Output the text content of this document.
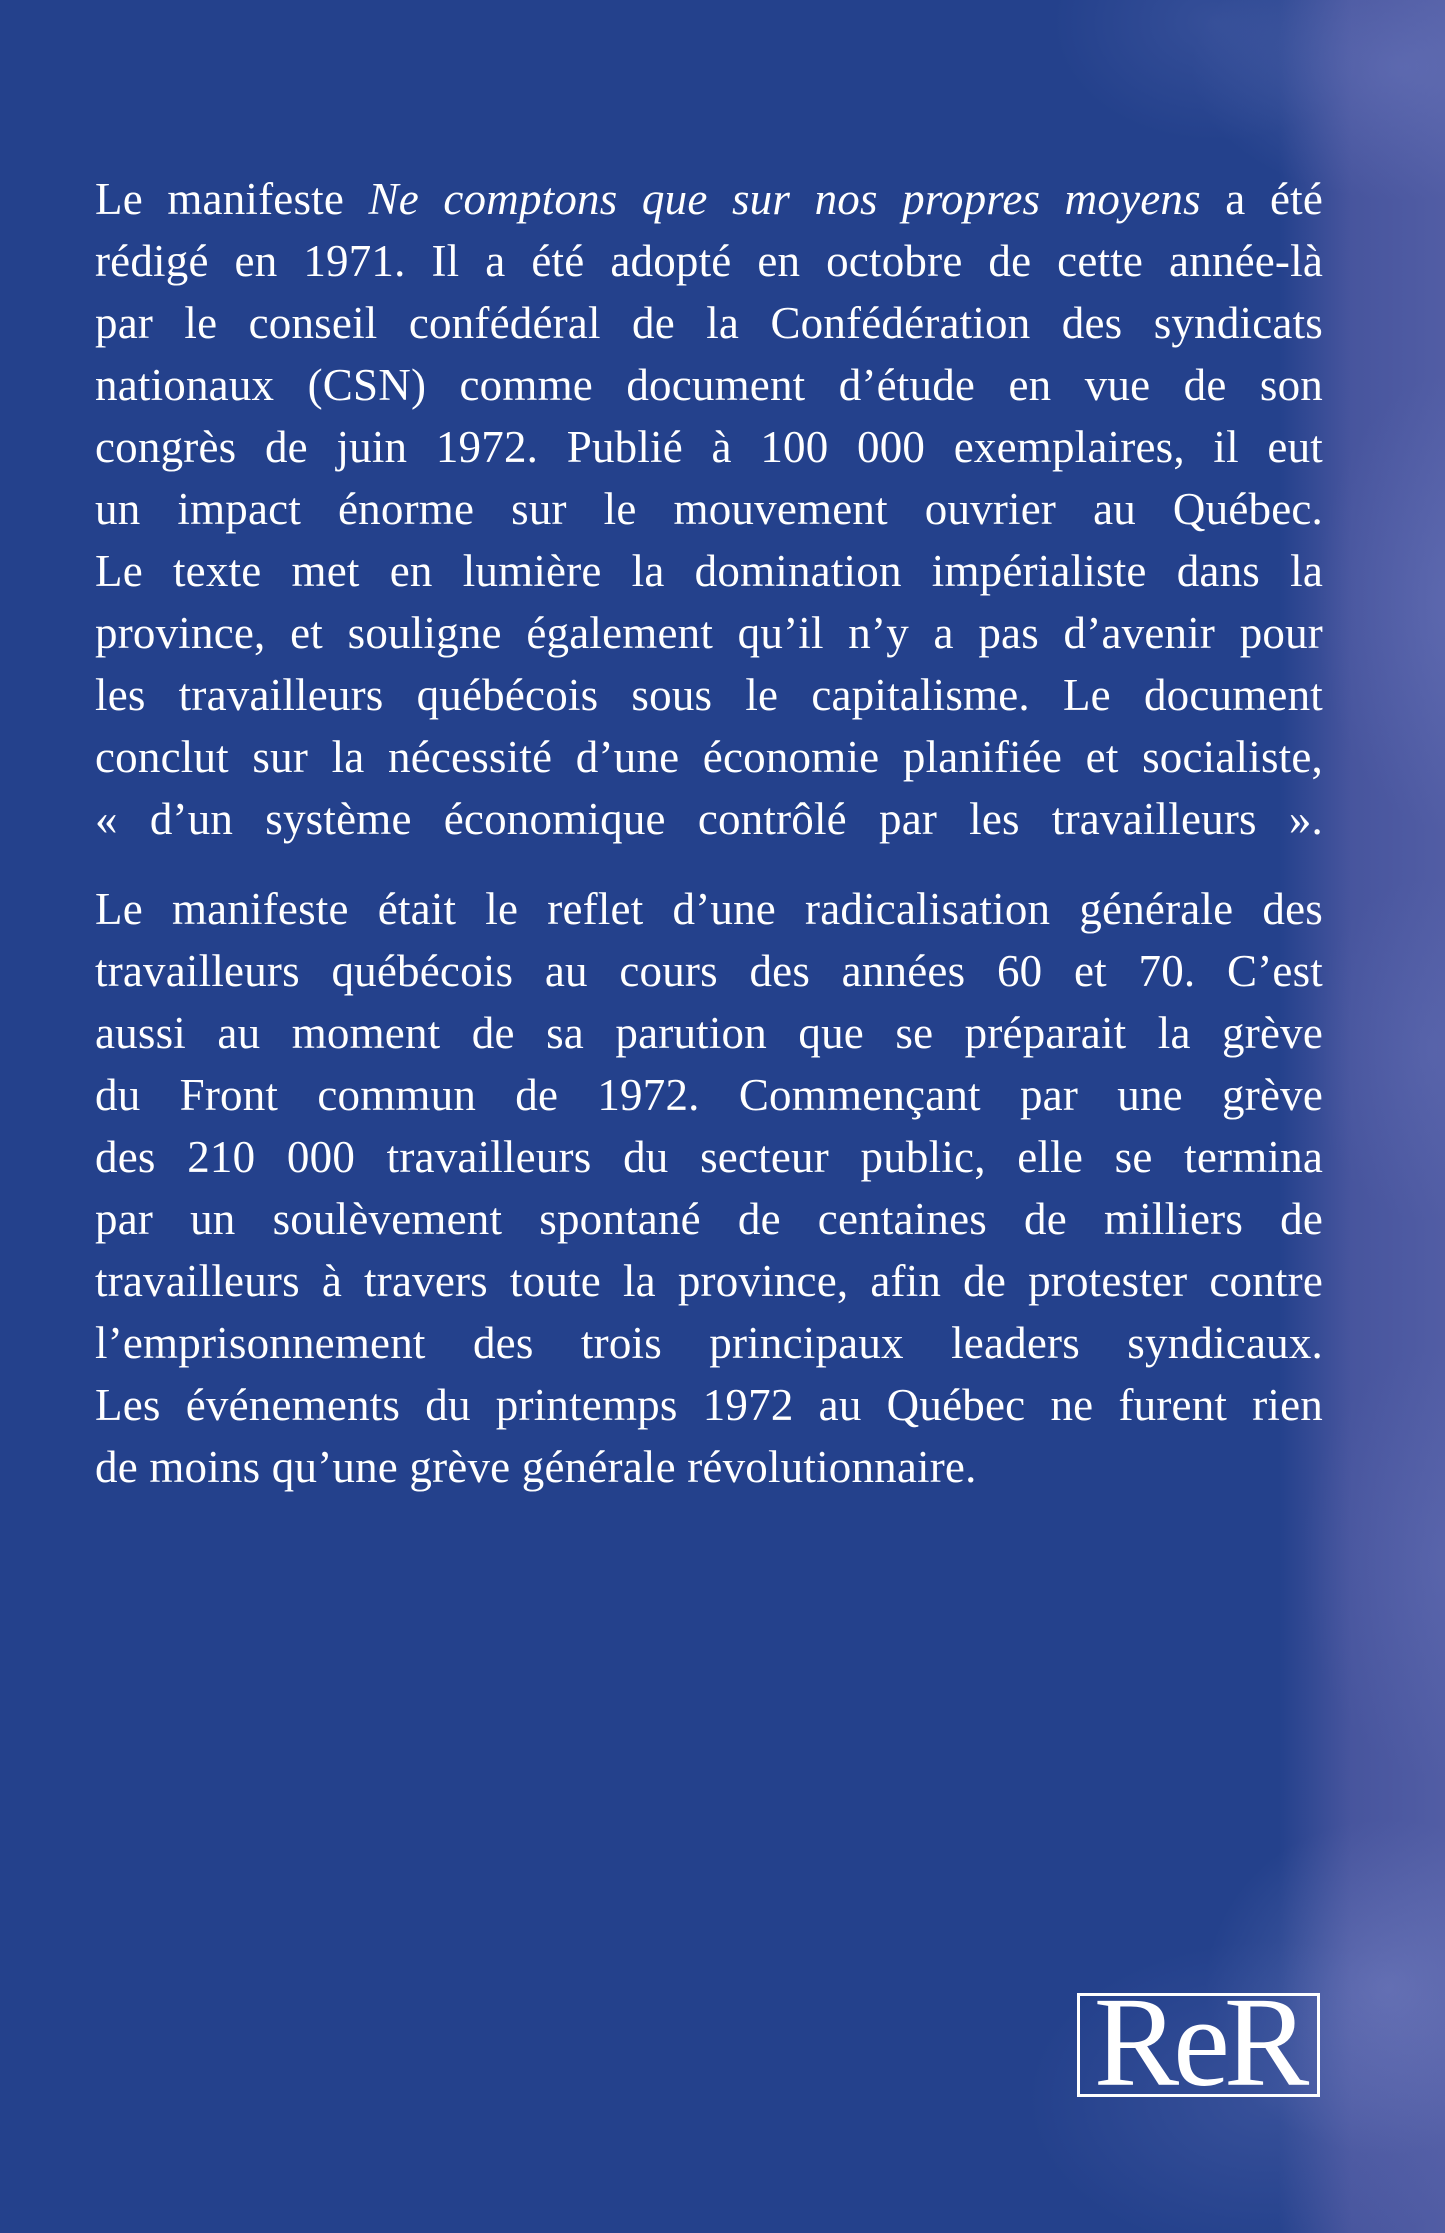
Le manifeste Ne comptons que sur nos propres moyens a été
rédigé en 1971. Il a été adopté en octobre de cette année-là
par le conseil confédéral de la Confédération des syndicats
nationaux (CSN) comme document d’étude en vue de son
congrès de juin 1972. Publié à 100 000 exemplaires, il eut
un impact énorme sur le mouvement ouvrier au Québec.
Le texte met en lumière la domination impérialiste dans la
province, et souligne également qu’il n’y a pas d’avenir pour
les travailleurs québécois sous le capitalisme. Le document
conclut sur la nécessité d’une économie planifiée et socialiste,
« d’un système économique contrôlé par les travailleurs ».
Le manifeste était le reflet d’une radicalisation générale des
travailleurs québécois au cours des années 60 et 70. C’est
aussi au moment de sa parution que se préparait la grève
du Front commun de 1972. Commençant par une grève
des 210 000 travailleurs du secteur public, elle se termina
par un soulèvement spontané de centaines de milliers de
travailleurs à travers toute la province, afin de protester contre
l’emprisonnement des trois principaux leaders syndicaux.
Les événements du printemps 1972 au Québec ne furent rien
de moins qu’une grève générale révolutionnaire.
ReR
